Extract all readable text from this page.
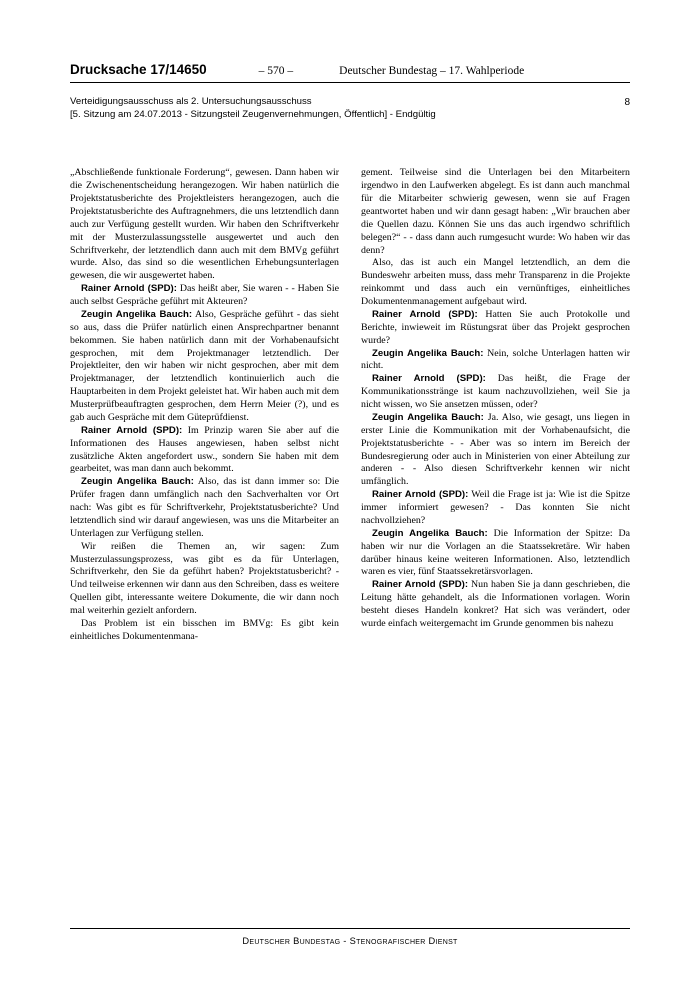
Drucksache 17/14650	– 570 –	Deutscher Bundestag – 17. Wahlperiode
Verteidigungsausschuss als 2. Untersuchungsausschuss
[5. Sitzung am 24.07.2013 - Sitzungsteil Zeugenvernehmungen, Öffentlich] - Endgültig
8

„Abschließende funktionale Forderung“, gewesen. Dann haben wir die Zwischenentscheidung herangezogen. Wir haben natürlich die Projektstatusberichte des Projektleisters herangezogen, auch die Projektstatusberichte des Auftragnehmers, die uns letztendlich dann auch zur Verfügung gestellt wurden. Wir haben den Schriftverkehr mit der Musterzulassungsstelle ausgewertet und auch den Schriftverkehr, der letztendlich dann auch mit dem BMVg geführt wurde. Also, das sind so die wesentlichen Erhebungsunterlagen gewesen, die wir ausgewertet haben.

Rainer Arnold (SPD): Das heißt aber, Sie waren - - Haben Sie auch selbst Gespräche geführt mit Akteuren?

Zeugin Angelika Bauch: Also, Gespräche geführt - das sieht so aus, dass die Prüfer natürlich einen Ansprechpartner benannt bekommen. Sie haben natürlich dann mit der Vorhabenaufsicht gesprochen, mit dem Projektmanager letztendlich. Der Projektleiter, den wir haben wir nicht gesprochen, aber mit dem Projektmanager, der letztendlich kontinuierlich auch die Hauptarbeiten in dem Projekt geleistet hat. Wir haben auch mit dem Musterprüfbeauftragten gesprochen, dem Herrn Meier (?), und es gab auch Gespräche mit dem Güteprüfdienst.

Rainer Arnold (SPD): Im Prinzip waren Sie aber auf die Informationen des Hauses angewiesen, haben selbst nicht zusätzliche Akten angefordert usw., sondern Sie haben mit dem gearbeitet, was man dann auch bekommt.

Zeugin Angelika Bauch: Also, das ist dann immer so: Die Prüfer fragen dann umfänglich nach den Sachverhalten vor Ort nach: Was gibt es für Schriftverkehr, Projektstatusberichte? Und letztendlich sind wir darauf angewiesen, was uns die Mitarbeiter an Unterlagen zur Verfügung stellen.

Wir reißen die Themen an, wir sagen: Zum Musterzulassungsprozess, was gibt es da für Unterlagen, Schriftverkehr, den Sie da geführt haben? Projektstatusbericht? - Und teilweise erkennen wir dann aus den Schreiben, dass es weitere Quellen gibt, interessante weitere Dokumente, die wir dann noch mal weiterhin gezielt anfordern.

Das Problem ist ein bisschen im BMVg: Es gibt kein einheitliches Dokumentenmana-

gement. Teilweise sind die Unterlagen bei den Mitarbeitern irgendwo in den Laufwerken abgelegt. Es ist dann auch manchmal für die Mitarbeiter schwierig gewesen, wenn sie auf Fragen geantwortet haben und wir dann gesagt haben: „Wir brauchen aber die Quellen dazu. Können Sie uns das auch irgendwo schriftlich belegen?“ - - dass dann auch rumgesucht wurde: Wo haben wir das denn?

Also, das ist auch ein Mangel letztendlich, an dem die Bundeswehr arbeiten muss, dass mehr Transparenz in die Projekte reinkommt und dass auch ein vernünftiges, einheitliches Dokumentenmanagement aufgebaut wird.

Rainer Arnold (SPD): Hatten Sie auch Protokolle und Berichte, inwieweit im Rüstungsrat über das Projekt gesprochen wurde?

Zeugin Angelika Bauch: Nein, solche Unterlagen hatten wir nicht.

Rainer Arnold (SPD): Das heißt, die Frage der Kommunikationsstränge ist kaum nachzuvollziehen, weil Sie ja nicht wissen, wo Sie ansetzen müssen, oder?

Zeugin Angelika Bauch: Ja. Also, wie gesagt, uns liegen in erster Linie die Kommunikation mit der Vorhabenaufsicht, die Projektstatusberichte - - Aber was so intern im Bereich der Bundesregierung oder auch in Ministerien von einer Abteilung zur anderen - - Also diesen Schriftverkehr kennen wir nicht umfänglich.

Rainer Arnold (SPD): Weil die Frage ist ja: Wie ist die Spitze immer informiert gewesen? - Das konnten Sie nicht nachvollziehen?

Zeugin Angelika Bauch: Die Information der Spitze: Da haben wir nur die Vorlagen an die Staatssekretäre. Wir haben darüber hinaus keine weiteren Informationen. Also, letztendlich waren es vier, fünf Staatssekretärsvorlagen.

Rainer Arnold (SPD): Nun haben Sie ja dann geschrieben, die Leitung hätte gehandelt, als die Informationen vorlagen. Worin besteht dieses Handeln konkret? Hat sich was verändert, oder wurde einfach weitergemacht im Grunde genommen bis nahezu

Deutscher Bundestag - Stenografischer Dienst
